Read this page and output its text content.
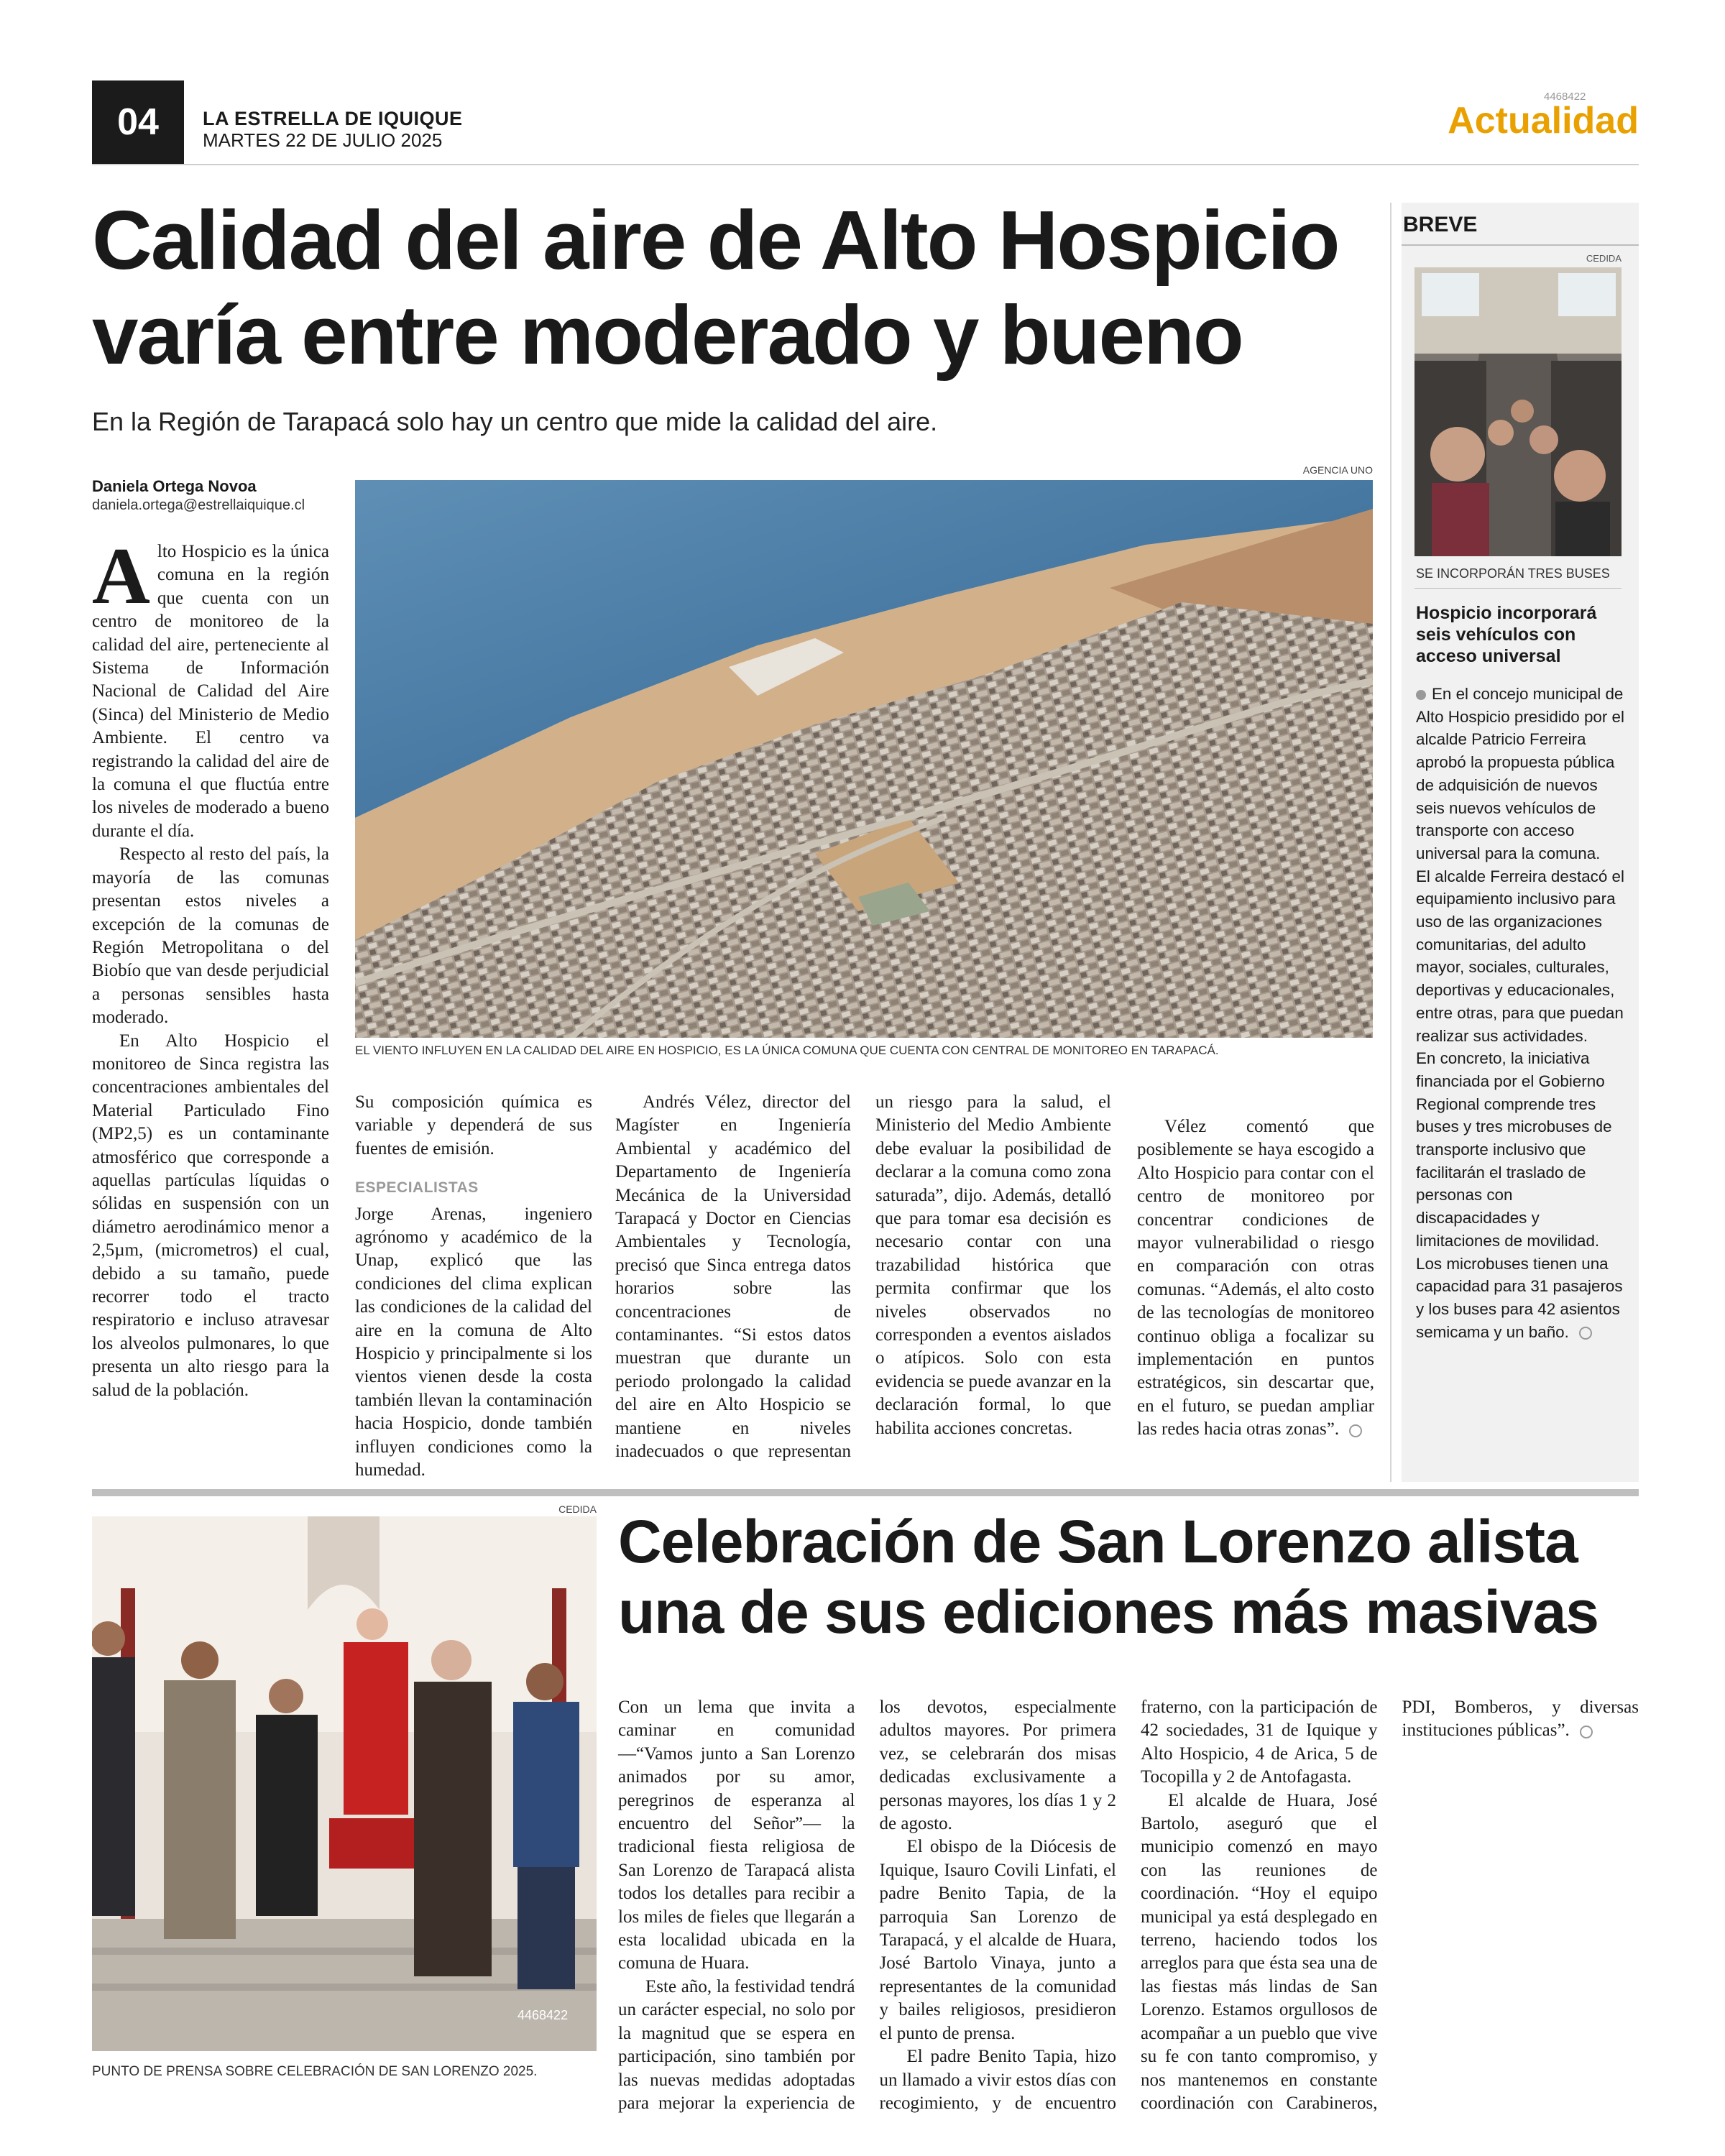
04	LA ESTRELLA DE IQUIQUE
MARTES 22 DE JULIO 2025
4468422
Actualidad
Calidad del aire de Alto Hospicio
varía entre moderado y bueno
En la Región de Tarapacá solo hay un centro que mide la calidad del aire.
Daniela Ortega Novoa
daniela.ortega@estrellaiquique.cl
AGENCIA UNO
EL VIENTO INFLUYEN EN LA CALIDAD DEL AIRE EN HOSPICIO, ES LA ÚNICA COMUNA QUE CUENTA CON CENTRAL DE MONITOREO EN TARAPACÁ.

Alto Hospicio es la única comuna en la región que cuenta con un centro de monitoreo de la calidad del aire, perteneciente al Sistema de Información Nacional de Calidad del Aire (Sinca) del Ministerio de Medio Ambiente. El centro va registrando la calidad del aire de la comuna el que fluctúa entre los niveles de moderado a bueno durante el día.

Respecto al resto del país, la mayoría de las comunas presentan estos niveles a excepción de la comunas de Región Metropolitana o del Biobío que van desde perjudicial a personas sensibles hasta moderado.

En Alto Hospicio el monitoreo de Sinca registra las concentraciones ambientales del Material Particulado Fino (MP2,5) es un contaminante atmosférico que corresponde a aquellas partículas líquidas o sólidas en suspensión con un diámetro aerodinámico menor a 2,5µm, (micrometros) el cual, debido a su tamaño, puede recorrer todo el tracto respiratorio e incluso atravesar los alveolos pulmonares, lo que presenta un alto riesgo para la salud de la población.

Su composición química es variable y dependerá de sus fuentes de emisión.

ESPECIALISTAS

Jorge Arenas, ingeniero agrónomo y académico de la Unap, explicó que las condiciones del clima explican las condiciones de la calidad del aire en la comuna de Alto Hospicio y principalmente si los vientos vienen desde la costa también llevan la contaminación hacia Hospicio, donde también influyen condiciones como la humedad.

Andrés Vélez, director del Magíster en Ingeniería Ambiental y académico del Departamento de Ingeniería Mecánica de la Universidad Tarapacá y Doctor en Ciencias Ambientales y Tecnología, precisó que Sinca entrega datos horarios sobre las concentraciones de contaminantes. “Si estos datos muestran que durante un periodo prolongado la calidad del aire en Alto Hospicio se mantiene en niveles inadecuados o que representan un riesgo para la salud, el Ministerio del Medio Ambiente debe evaluar la posibilidad de declarar a la comuna como zona saturada”, dijo. Además, detalló que para tomar esa decisión es necesario contar con una trazabilidad histórica que permita confirmar que los niveles observados no corresponden a eventos aislados o atípicos. Solo con esta evidencia se puede avanzar en la declaración formal, lo que habilita acciones concretas.

Vélez comentó que posiblemente se haya escogido a Alto Hospicio para contar con el centro de monitoreo por concentrar condiciones de mayor vulnerabilidad o riesgo en comparación con otras comunas. “Además, el alto costo de las tecnologías de monitoreo continuo obliga a focalizar su implementación en puntos estratégicos, sin descartar que, en el futuro, se puedan ampliar las redes hacia otras zonas”.

BREVE
CEDIDA
SE INCORPORÁN TRES BUSES
Hospicio incorporará seis vehículos con acceso universal

En el concejo municipal de Alto Hospicio presidido por el alcalde Patricio Ferreira aprobó la propuesta pública de adquisición de nuevos seis nuevos vehículos de transporte con acceso universal para la comuna.

El alcalde Ferreira destacó el equipamiento inclusivo para uso de las organizaciones comunitarias, del adulto mayor, sociales, culturales, deportivas y educacionales, entre otras, para que puedan realizar sus actividades.

En concreto, la iniciativa financiada por el Gobierno Regional comprende tres buses y tres microbuses de transporte inclusivo que facilitarán el traslado de personas con discapacidades y limitaciones de movilidad.

Los microbuses tienen una capacidad para 31 pasajeros y los buses para 42 asientos semicama y un baño.

CEDIDA
4468422
PUNTO DE PRENSA SOBRE CELEBRACIÓN DE SAN LORENZO 2025.
Celebración de San Lorenzo alista
una de sus ediciones más masivas

Con un lema que invita a caminar en comunidad —“Vamos junto a San Lorenzo animados por su amor, peregrinos de esperanza al encuentro del Señor”— la tradicional fiesta religiosa de San Lorenzo de Tarapacá alista todos los detalles para recibir a los miles de fieles que llegarán a esta localidad ubicada en la comuna de Huara.

Este año, la festividad tendrá un carácter especial, no solo por la magnitud que se espera en participación, sino también por las nuevas medidas adoptadas para mejorar la experiencia de los devotos, especialmente adultos mayores. Por primera vez, se celebrarán dos misas dedicadas exclusivamente a personas mayores, los días 1 y 2 de agosto.

El obispo de la Diócesis de Iquique, Isauro Covili Linfati, el padre Benito Tapia, de la parroquia San Lorenzo de Tarapacá, y el alcalde de Huara, José Bartolo Vinaya, junto a representantes de la comunidad y bailes religiosos, presidieron el punto de prensa.

El padre Benito Tapia, hizo un llamado a vivir estos días con recogimiento, y de encuentro fraterno, con la participación de 42 sociedades, 31 de Iquique y Alto Hospicio, 4 de Arica, 5 de Tocopilla y 2 de Antofagasta.

El alcalde de Huara, José Bartolo, aseguró que el municipio comenzó en mayo con las reuniones de coordinación. “Hoy el equipo municipal ya está desplegado en terreno, haciendo todos los arreglos para que ésta sea una de las fiestas más lindas de San Lorenzo. Estamos orgullosos de acompañar a un pueblo que vive su fe con tanto compromiso, y nos mantenemos en constante coordinación con Carabineros, PDI, Bomberos, y diversas instituciones públicas”.
